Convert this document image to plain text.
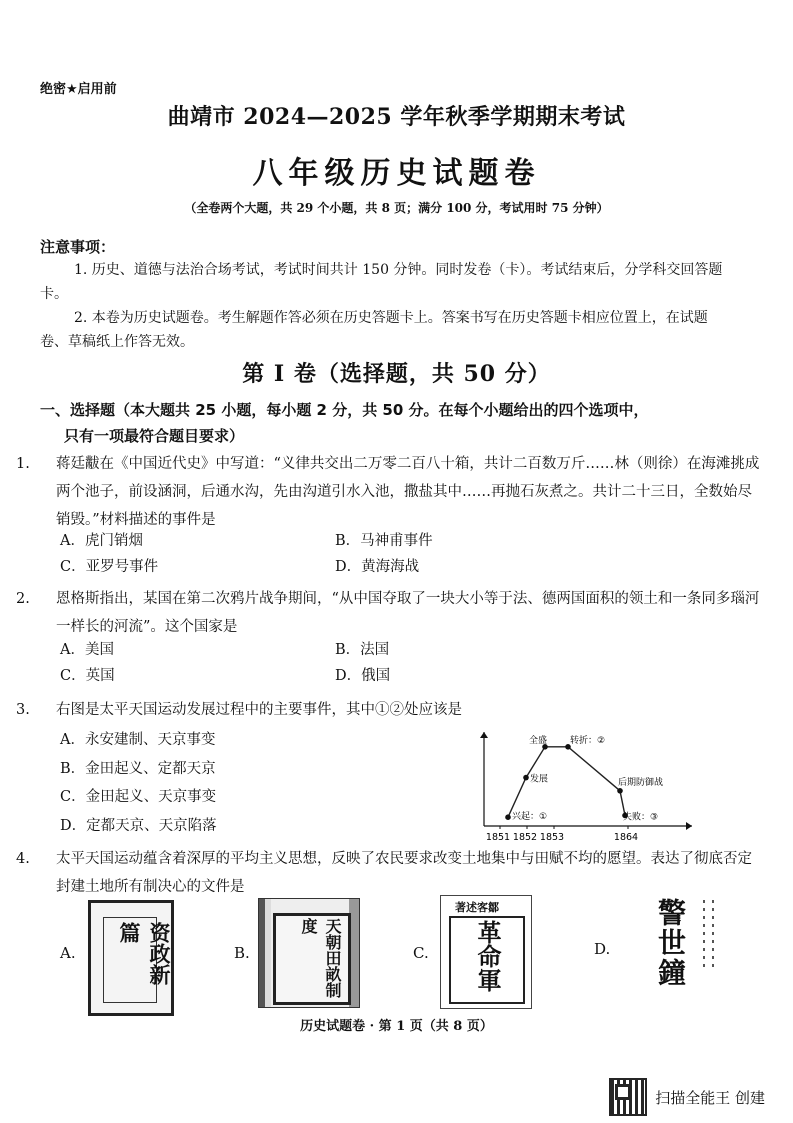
绝密★启用前
曲靖市 2024—2025 学年秋季学期期末考试
八年级历史试题卷
（全卷两个大题，共 29 个小题，共 8 页；满分 100 分，考试用时 75 分钟）
注意事项：

1. 历史、道德与法治合场考试，考试时间共计 150 分钟。同时发卷（卡）。考试结束后，分学科交回答题卡。

2. 本卷为历史试题卷。考生解题作答必须在历史答题卡上。答案书写在历史答题卡相应位置上，在试题卷、草稿纸上作答无效。

第 I 卷（选择题，共 50 分）
一、选择题（本大题共 25 小题，每小题 2 分，共 50 分。在每个小题给出的四个选项中，
只有一项最符合题目要求）
1. 蒋廷黻在《中国近代史》中写道：“义律共交出二万零二百八十箱，共计二百数万斤……林（则徐）在海滩挑成两个池子，前设涵洞，后通水沟，先由沟道引水入池，撒盐其中……再抛石灰煮之。共计二十三日，全数始尽销毁。”材料描述的事件是
A．虎门销烟	B．马神甫事件
C．亚罗号事件	D．黄海海战
2. 恩格斯指出，某国在第二次鸦片战争期间，“从中国夺取了一块大小等于法、德两国面积的领土和一条同多瑙河一样长的河流”。这个国家是
A．美国	B．法国
C．英国	D．俄国
3. 右图是太平天国运动发展过程中的主要事件，其中①②处应该是
A．永安建制、天京事变
B．金田起义、定都天京
C．金田起义、天京事变
D．定都天京、天京陷落
兴起：①
发展
全盛	转折：②
后期防御战
失败：③
1851 1852 1853	1864
4. 太平天国运动蕴含着深厚的平均主义思想，反映了农民要求改变土地集中与田赋不均的愿望。表达了彻底否定封建土地所有制决心的文件是
A.	资政新篇
B.	天朝田畝制度
C.
著述客鄒
革命軍	D. 警世鐘
历史试题卷 · 第 1 页（共 8 页）
扫描全能王 创建
